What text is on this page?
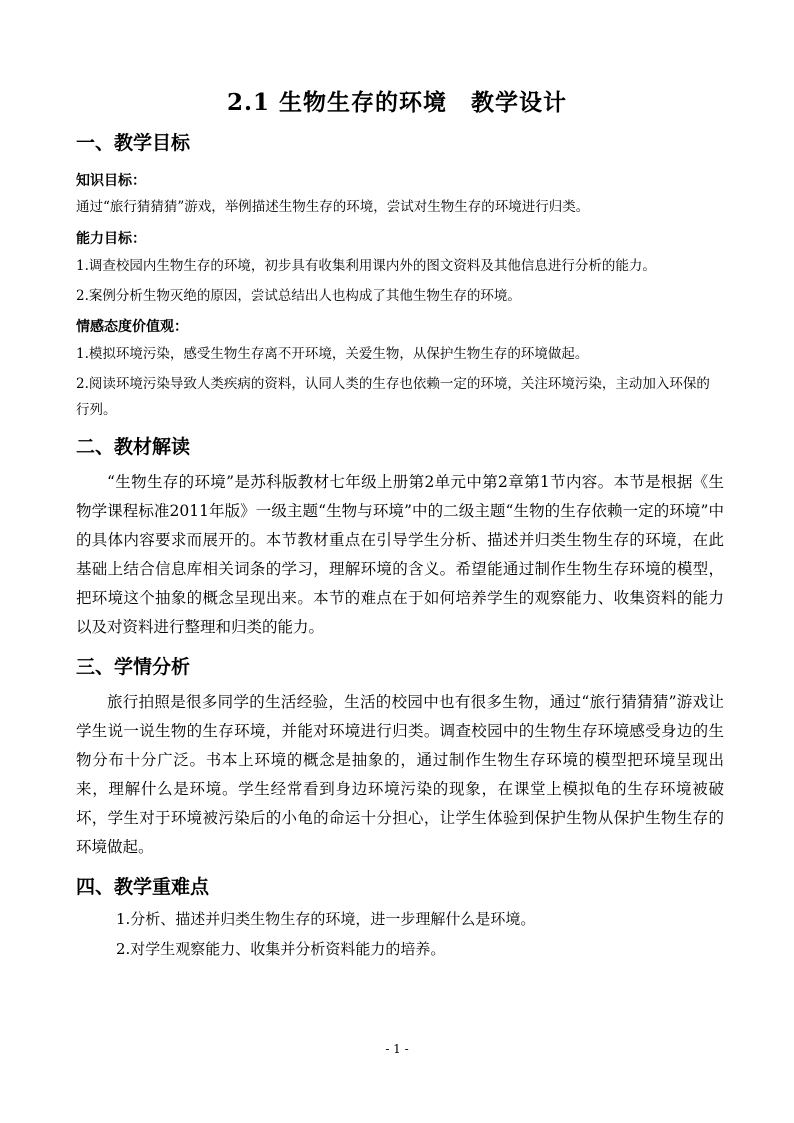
2.1 生物生存的环境　教学设计
一、教学目标
知识目标：
通过“旅行猜猜猜”游戏，举例描述生物生存的环境，尝试对生物生存的环境进行归类。
能力目标：
1.调查校园内生物生存的环境，初步具有收集利用课内外的图文资料及其他信息进行分析的能力。
2.案例分析生物灭绝的原因，尝试总结出人也构成了其他生物生存的环境。
情感态度价值观：
1.模拟环境污染，感受生物生存离不开环境，关爱生物，从保护生物生存的环境做起。
2.阅读环境污染导致人类疾病的资料，认同人类的生存也依赖一定的环境，关注环境污染，主动加入环保的行列。
二、教材解读
“生物生存的环境”是苏科版教材七年级上册第2单元中第2章第1节内容。本节是根据《生物学课程标准2011年版》一级主题“生物与环境”中的二级主题“生物的生存依赖一定的环境”中的具体内容要求而展开的。本节教材重点在引导学生分析、描述并归类生物生存的环境，在此基础上结合信息库相关词条的学习，理解环境的含义。希望能通过制作生物生存环境的模型，把环境这个抽象的概念呈现出来。本节的难点在于如何培养学生的观察能力、收集资料的能力以及对资料进行整理和归类的能力。
三、学情分析
旅行拍照是很多同学的生活经验，生活的校园中也有很多生物，通过“旅行猜猜猜”游戏让学生说一说生物的生存环境，并能对环境进行归类。调查校园中的生物生存环境感受身边的生物分布十分广泛。书本上环境的概念是抽象的，通过制作生物生存环境的模型把环境呈现出来，理解什么是环境。学生经常看到身边环境污染的现象，在课堂上模拟龟的生存环境被破坏，学生对于环境被污染后的小龟的命运十分担心，让学生体验到保护生物从保护生物生存的环境做起。
四、教学重难点
1.分析、描述并归类生物生存的环境，进一步理解什么是环境。
2.对学生观察能力、收集并分析资料能力的培养。
- 1 -
